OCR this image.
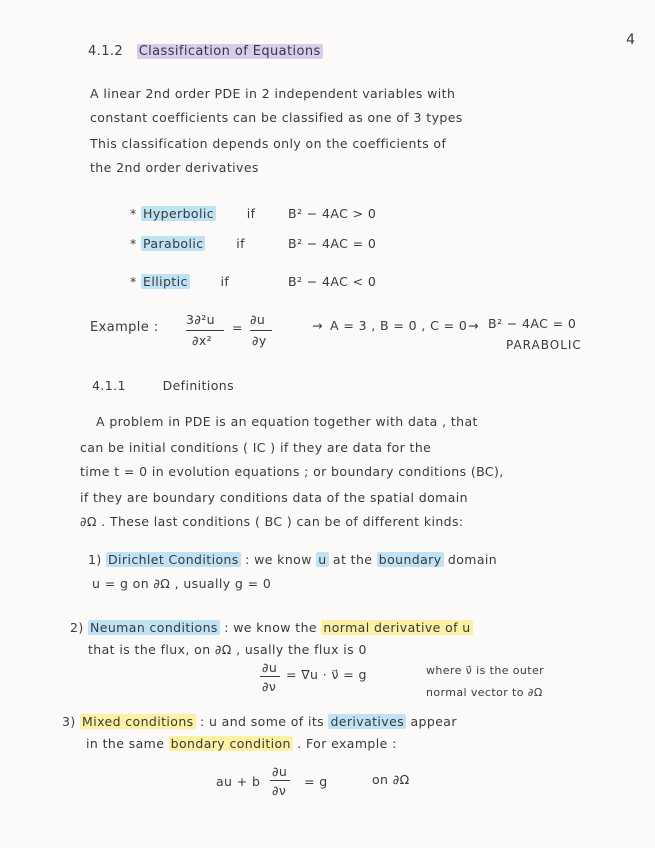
4
4.1.2 Classification of Equations
A linear 2nd order PDE in 2 independent variables with
constant coefficients can be classified as one of 3 types
This classification depends only on the coefficients of
the 2nd order derivatives
* Hyperbolic	if	B² − 4AC > 0
* Parabolic	if	B² − 4AC = 0
* Elliptic	if	B² − 4AC < 0
Example :
3∂²u
∂x²
=
∂u
∂y
→ A = 3 , B = 0 , C = 0 → B² − 4AC = 0
PARABOLIC
4.1.1	Definitions
A problem in PDE is an equation together with data , that
can be initial conditions ( IC ) if they are data for the
time t = 0 in evolution equations ; or boundary conditions (BC),
if they are boundary conditions data of the spatial domain
∂Ω . These last conditions ( BC ) can be of different kinds:
1) Dirichlet Conditions : we know u at the boundary domain
u = g on ∂Ω , usually g = 0
2) Neuman conditions : we know the normal derivative of u
that is the flux, on ∂Ω , usally the flux is 0
∂u
∂ν
= ∇u · ν⃗ = g	where ν⃗ is the outer
normal vector to ∂Ω
3) Mixed conditions : u and some of its derivatives appear
in the same bondary condition . For example :
au + b
∂u
∂ν
= g	on ∂Ω
